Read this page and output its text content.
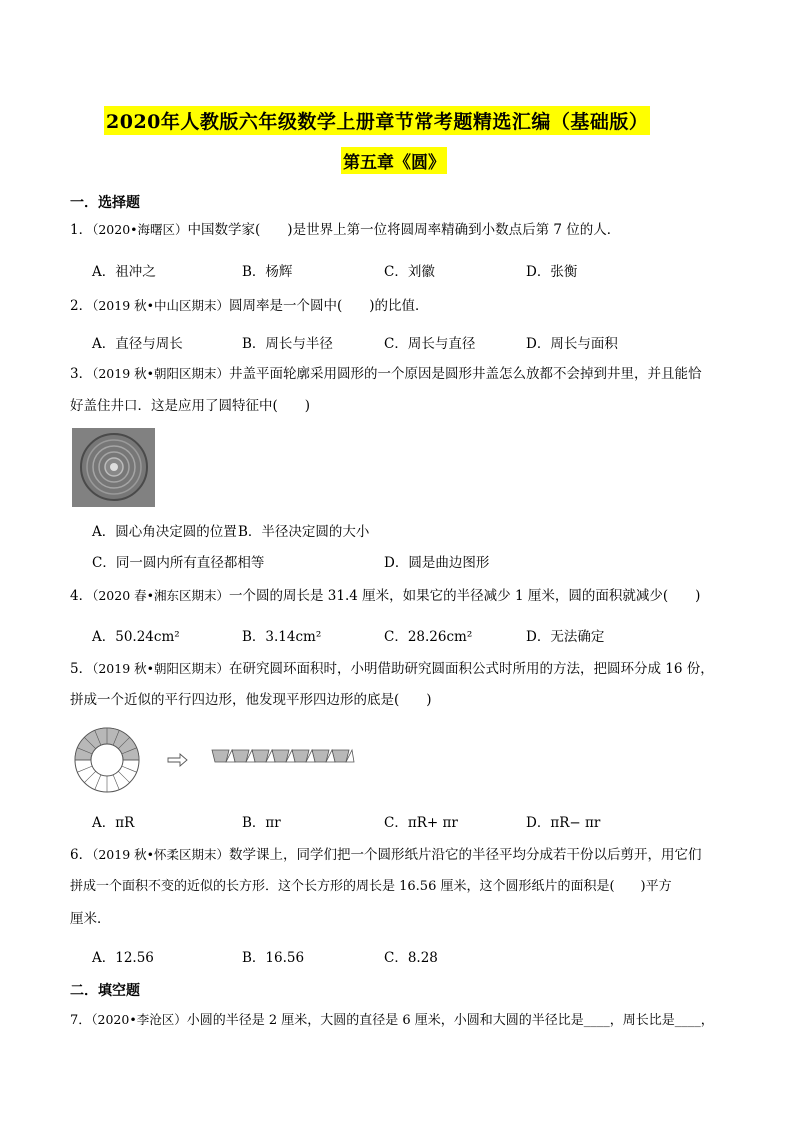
2020年人教版六年级数学上册章节常考题精选汇编（基础版）
第五章《圆》
一．选择题
1．（2020•海曙区）中国数学家(　　)是世界上第一位将圆周率精确到小数点后第 7 位的人．
A．祖冲之	B．杨辉	C．刘徽	D．张衡
2．（2019 秋•中山区期末）圆周率是一个圆中(　　)的比值．
A．直径与周长	B．周长与半径	C．周长与直径	D．周长与面积
3．（2019 秋•朝阳区期末）井盖平面轮廓采用圆形的一个原因是圆形井盖怎么放都不会掉到井里，并且能恰
好盖住井口．这是应用了圆特征中(　　)
A．圆心角决定圆的位置 B．半径决定圆的大小
C．同一圆内所有直径都相等	D．圆是曲边图形
4．（2020 春•湘东区期末）一个圆的周长是 31.4 厘米，如果它的半径减少 1 厘米，圆的面积就减少(　　)
A．50.24cm²	B．3.14cm²	C．28.26cm²	D．无法确定
5．（2019 秋•朝阳区期末）在研究圆环面积时，小明借助研究圆面积公式时所用的方法，把圆环分成 16 份，
拼成一个近似的平行四边形，他发现平形四边形的底是(　　)
A．πR	B．πr	C．πR+ πr	D．πR− πr
6．（2019 秋•怀柔区期末）数学课上，同学们把一个圆形纸片沿它的半径平均分成若干份以后剪开，用它们
拼成一个面积不变的近似的长方形．这个长方形的周长是 16.56 厘米，这个圆形纸片的面积是(　　)平方
厘米．
A．12.56	B．16.56	C．8.28
二．填空题
7．（2020•李沧区）小圆的半径是 2 厘米，大圆的直径是 6 厘米，小圆和大圆的半径比是____，周长比是____，
